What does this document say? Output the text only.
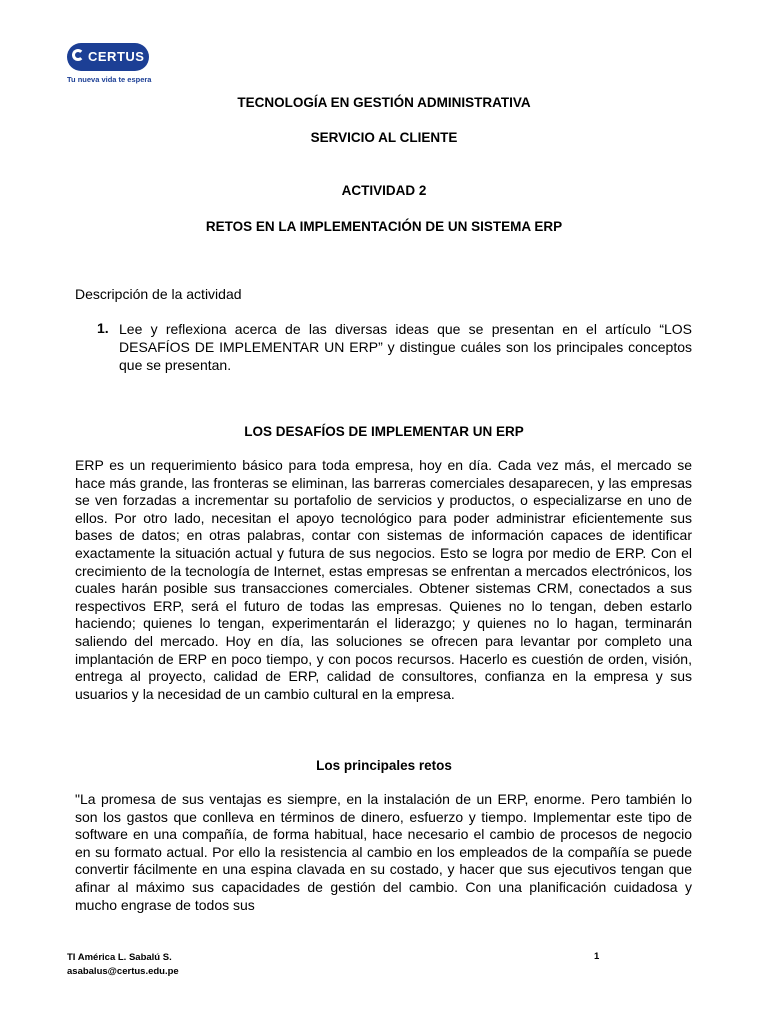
CERTUS
Tu nueva vida te espera
TECNOLOGÍA EN GESTIÓN ADMINISTRATIVA
SERVICIO AL CLIENTE
ACTIVIDAD 2
RETOS EN LA IMPLEMENTACIÓN DE UN SISTEMA ERP
Descripción de la actividad
1. Lee y reflexiona acerca de las diversas ideas que se presentan en el artículo “LOS DESAFÍOS DE IMPLEMENTAR UN ERP” y distingue cuáles son los principales conceptos que se presentan.
LOS DESAFÍOS DE IMPLEMENTAR UN ERP
ERP es un requerimiento básico para toda empresa, hoy en día. Cada vez más, el mercado se hace más grande, las fronteras se eliminan, las barreras comerciales desaparecen, y las empresas se ven forzadas a incrementar su portafolio de servicios y productos, o especializarse en uno de ellos. Por otro lado, necesitan el apoyo tecnológico para poder administrar eficientemente sus bases de datos; en otras palabras, contar con sistemas de información capaces de identificar exactamente la situación actual y futura de sus negocios. Esto se logra por medio de ERP. Con el crecimiento de la tecnología de Internet, estas empresas se enfrentan a mercados electrónicos, los cuales harán posible sus transacciones comerciales. Obtener sistemas CRM, conectados a sus respectivos ERP, será el futuro de todas las empresas. Quienes no lo tengan, deben estarlo haciendo; quienes lo tengan, experimentarán el liderazgo; y quienes no lo hagan, terminarán saliendo del mercado. Hoy en día, las soluciones se ofrecen para levantar por completo una implantación de ERP en poco tiempo, y con pocos recursos. Hacerlo es cuestión de orden, visión, entrega al proyecto, calidad de ERP, calidad de consultores, confianza en la empresa y sus usuarios y la necesidad de un cambio cultural en la empresa.
Los principales retos
"La promesa de sus ventajas es siempre, en la instalación de un ERP, enorme. Pero también lo son los gastos que conlleva en términos de dinero, esfuerzo y tiempo. Implementar este tipo de software en una compañía, de forma habitual, hace necesario el cambio de procesos de negocio en su formato actual. Por ello la resistencia al cambio en los empleados de la compañía se puede convertir fácilmente en una espina clavada en su costado, y hacer que sus ejecutivos tengan que afinar al máximo sus capacidades de gestión del cambio. Con una planificación cuidadosa y mucho engrase de todos sus
TI América L. Sabalú S.
asabalus@certus.edu.pe
1
